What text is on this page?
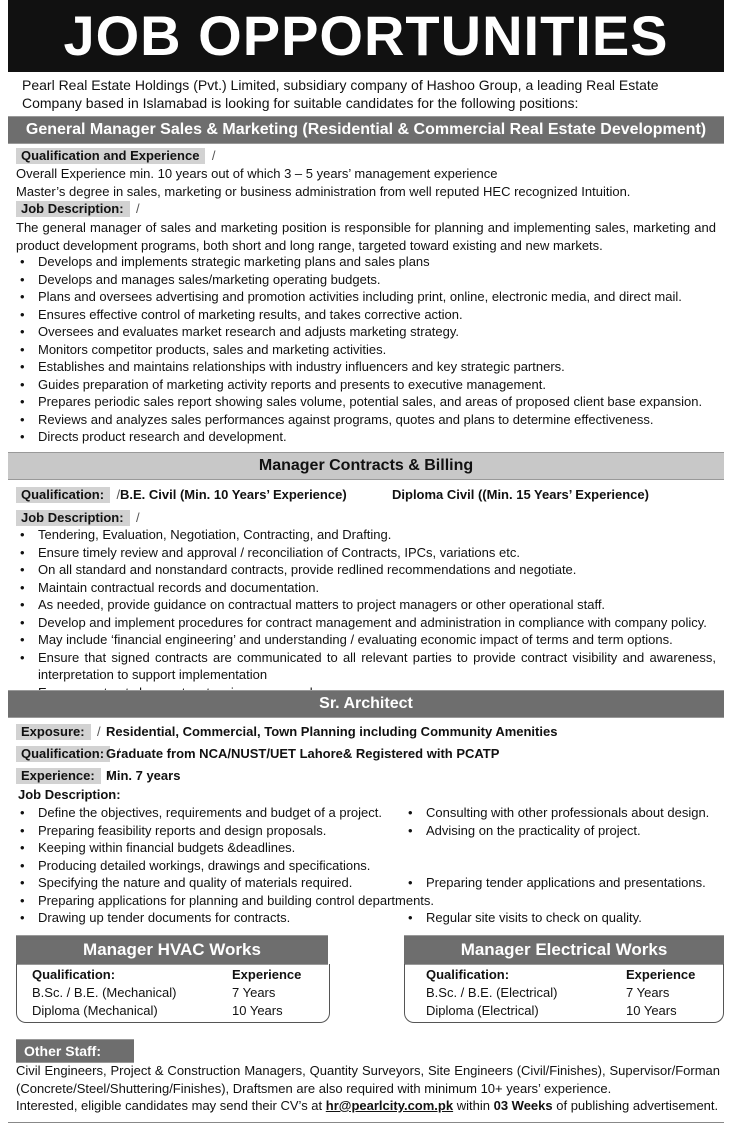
JOB OPPORTUNITIES
Pearl Real Estate Holdings (Pvt.) Limited, subsidiary company of Hashoo Group, a leading Real Estate Company based in Islamabad is looking for suitable candidates for the following positions:
General Manager Sales & Marketing (Residential & Commercial Real Estate Development)
Qualification and Experience /
Overall Experience min. 10 years out of which 3 – 5 years’ management experience
Master’s degree in sales, marketing or business administration from well reputed HEC recognized Intuition.
Job Description: /
The general manager of sales and marketing position is responsible for planning and implementing sales, marketing and product development programs, both short and long range, targeted toward existing and new markets.
• Develops and implements strategic marketing plans and sales plans
• Develops and manages sales/marketing operating budgets.
• Plans and oversees advertising and promotion activities including print, online, electronic media, and direct mail.
• Ensures effective control of marketing results, and takes corrective action.
• Oversees and evaluates market research and adjusts marketing strategy.
• Monitors competitor products, sales and marketing activities.
• Establishes and maintains relationships with industry influencers and key strategic partners.
• Guides preparation of marketing activity reports and presents to executive management.
• Prepares periodic sales report showing sales volume, potential sales, and areas of proposed client base expansion.
• Reviews and analyzes sales performances against programs, quotes and plans to determine effectiveness.
• Directs product research and development.
Manager Contracts & Billing
Qualification: /	B.E. Civil (Min. 10 Years’ Experience)	Diploma Civil ((Min. 15 Years’ Experience)
Job Description: /
• Tendering, Evaluation, Negotiation, Contracting, and Drafting.
• Ensure timely review and approval / reconciliation of Contracts, IPCs, variations etc.
• On all standard and nonstandard contracts, provide redlined recommendations and negotiate.
• Maintain contractual records and documentation.
• As needed, provide guidance on contractual matters to project managers or other operational staff.
• Develop and implement procedures for contract management and administration in compliance with company policy.
• May include ‘financial engineering’ and understanding / evaluating economic impact of terms and term options.
• Ensure that signed contracts are communicated to all relevant parties to provide contract visibility and awareness, interpretation to support implementation
•
Sr. Architect
Exposure: /	Residential, Commercial, Town Planning including Community Amenities
Qualification: / Graduate from NCA/NUST/UET Lahore& Registered with PCATP
Experience: / Min. 7 years
Job Description:
• Define the objectives, requirements and budget of a project.
• Preparing feasibility reports and design proposals.
• Keeping within financial budgets &deadlines.
• Producing detailed workings, drawings and specifications.
• Specifying the nature and quality of materials required.
• Preparing applications for planning and building control departments.
• Drawing up tender documents for contracts.
• Consulting with other professionals about design.
• Advising on the practicality of project.
• Preparing tender applications and presentations.
• Regular site visits to check on quality.
Manager HVAC Works
Qualification:	Experience
B.Sc. / B.E. (Mechanical)	7 Years
Diploma (Mechanical)	10 Years
Manager Electrical Works
Qualification:	Experience
B.Sc. / B.E. (Electrical)	7 Years
Diploma (Electrical)	10 Years
Other Staff:
Civil Engineers, Project & Construction Managers, Quantity Surveyors, Site Engineers (Civil/Finishes), Supervisor/Forman (Concrete/Steel/Shuttering/Finishes), Draftsmen are also required with minimum 10+ years’ experience.
Interested, eligible candidates may send their CV’s at hr@pearlcity.com.pk within 03 Weeks of publishing advertisement.
